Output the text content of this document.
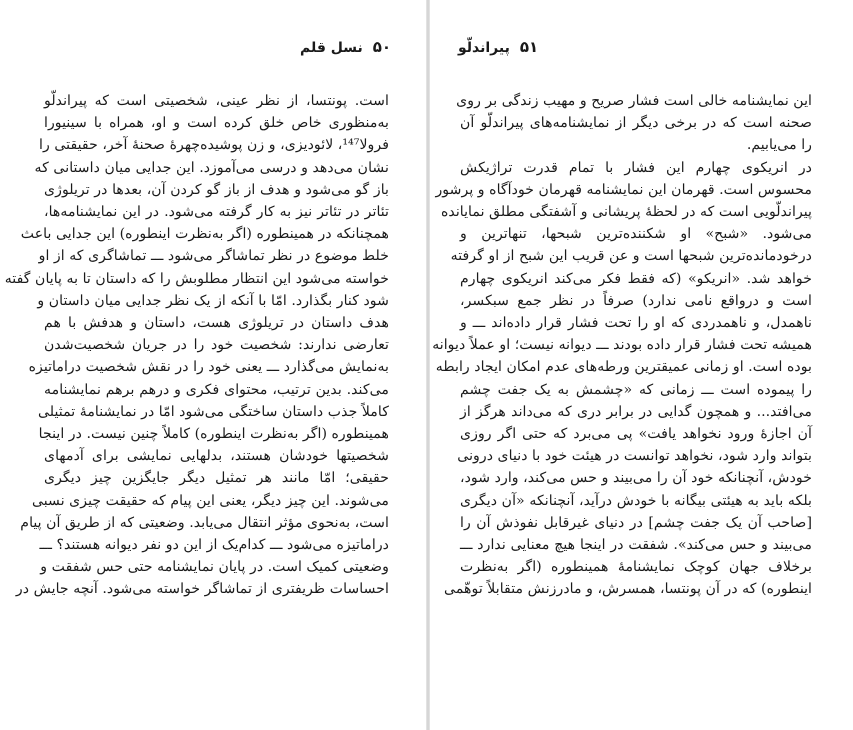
۵۰
نسل قلم
است. پونتسا، از نظر عینی، شخصیتی است که پیراندلّو
به‌منظوری خاص خلق کرده است و او، همراه با سینیورا
فرولا¹⁴⁷، لائودیزی، و زن پوشیده‌چهرهٔ صحنهٔ آخر، حقیقتی را
نشان می‌دهد و درسی می‌آموزد. این جدایی میان داستانی که
باز گو می‌شود و هدف از باز گو کردن آن، بعدها در تریلوژی
تئاتر در تئاتر نیز به کار گرفته می‌شود. در این نمایشنامه‌ها،
همچنانکه در همینطوره (اگر به‌نظرت اینطوره) این جدایی باعث
خلط موضوع در نظر تماشاگر می‌شود ـــ تماشاگری که از او
خواسته می‌شود این انتظار مطلوبش را که داستان تا به پایان گفته
شود کنار بگذارد. امّا با آنکه از یک نظر جدایی میان داستان و
هدف داستان در تریلوژی هست، داستان و هدفش با هم
تعارضی ندارند: شخصیت خود را در جریان شخصیت‌شدن
به‌نمایش می‌گذارد ـــ یعنی خود را در نقش شخصیت دراماتیزه
می‌کند. بدین ترتیب، محتوای فکری و درهم برهم نمایشنامه
کاملاً جذب داستان ساختگی می‌شود امّا در نمایشنامهٔ تمثیلی
همینطوره (اگر به‌نظرت اینطوره) کاملاً چنین نیست. در اینجا
شخصیتها خودشان هستند، بدلهایی نمایشی برای آدمهای
حقیقی؛ امّا مانند هر تمثیل دیگر جایگزین چیز دیگری
می‌شوند. این چیز دیگر، یعنی این پیام که حقیقت چیزی نسبی
است، به‌نحوی مؤثر انتقال می‌یابد. وضعیتی که از طریق آن پیام
دراماتیزه می‌شود ـــ کدام‌یک از این دو نفر دیوانه هستند؟ ـــ
وضعیتی کمیک است. در پایان نمایشنامه حتی حس شفقت و
احساسات ظریفتری از تماشاگر خواسته می‌شود. آنچه جایش در
۵۱
پیراندلّو
این نمایشنامه خالی است فشار صریح و مهیب زندگی بر روی
صحنه است که در برخی دیگر از نمایشنامه‌های پیراندلّو آن
را می‌یابیم.
در انریکوی چهارم این فشار با تمام قدرت تراژیکش
محسوس است. قهرمان این نمایشنامه قهرمان خودآگاه و پرشور
پیراندلّویی است که در لحظهٔ پریشانی و آشفتگی مطلق نمایانده
می‌شود. «شبح» او شکننده‌ترین شبحها، تنهاترین و
درخودمانده‌ترین شبحها است و عن قریب این شبح از او گرفته
خواهد شد. «انریکو» (که فقط فکر می‌کند انریکوی چهارم
است و درواقع نامی ندارد) صرفاً در نظر جمع سبکسر،
ناهمدل، و ناهمدردی که او را تحت فشار قرار داده‌اند ـــ و
همیشه تحت فشار قرار داده بودند ـــ دیوانه نیست؛ او عملاً دیوانه
بوده است. او زمانی عمیقترین ورطه‌های عدم امکان ایجاد رابطه
را پیموده است ـــ زمانی که «چشمش به یک جفت چشم
می‌افتد... و همچون گدایی در برابر دری که می‌داند هرگز از
آن اجازهٔ ورود نخواهد یافت» پی می‌برد که حتی اگر روزی
بتواند وارد شود، نخواهد توانست در هیئت خود با دنیای درونی
خودش، آنچنانکه خود آن را می‌بیند و حس می‌کند، وارد شود،
بلکه باید به هیئتی بیگانه با خودش درآید، آنچنانکه «آن دیگری
[صاحب آن یک جفت چشم] در دنیای غیرقابل نفوذش آن را
می‌بیند و حس می‌کند». شفقت در اینجا هیچ معنایی ندارد ـــ
برخلاف جهان کوچک نمایشنامهٔ همینطوره (اگر به‌نظرت
اینطوره) که در آن پونتسا، همسرش، و مادرزنش متقابلاً توهّمی
